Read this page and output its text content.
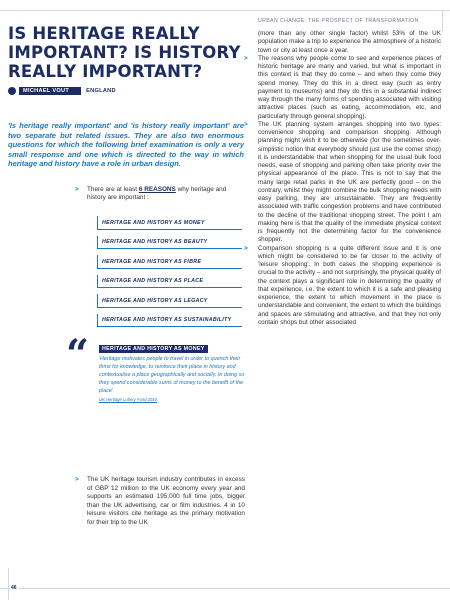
URBAN CHANGE: THE PROSPECT OF TRANSFORMATION
IS HERITAGE REALLY IMPORTANT? IS HISTORY REALLY IMPORTANT?
MICHAEL VOUT	ENGLAND

'Is heritage really important' and 'is history really important' are two separate but related issues. They are also two enormous questions for which the following brief examination is only a very small response and one which is directed to the way in which heritage and history have a role in urban design.

> There are at least 6 REASONS why heritage and history are important :

HERITAGE AND HISTORY AS MONEY
HERITAGE AND HISTORY AS BEAUTY
HERITAGE AND HISTORY AS FIBRE
HERITAGE AND HISTORY AS PLACE
HERITAGE AND HISTORY AS LEGACY
HERITAGE AND HISTORY AS SUSTAINABILITY
“	HERITAGE AND HISTORY AS MONEY

'Heritage motivates people to travel in order to quench their thirst for knowledge, to reinforce their place in history and contextualise a place geographically and socially. In doing so they spend considerable sums of money to the benefit of the place'

UK Heritage Lottery Fund 2010

> The UK heritage tourism industry contributes in excess of GBP 12 million to the UK economy every year and supports an estimated 195,000 full time jobs, bigger than the UK advertising, car or film industries. 4 in 10 leisure visitors cite heritage as the primary motivation for their trip to the UK

(more than any other single factor) whilst 53% of the UK population make a trip to experience the atmosphere of a historic town or city at least once a year.

> The reasons why people come to see and experience places of historic heritage are many and varied, but what is important in this context is that they do come – and when they come they spend money. They do this in a direct way (such as entry payment to museums) and they do this in a substantial indirect way through the many forms of spending associated with visiting attractive places (such as eating, accommodation, etc, and particularly through general shopping).

> The UK planning system arranges shopping into two types: convenience shopping and comparison shopping. Although planning might wish it to be otherwise (for the sometimes over-simplistic notion that everybody should just use the corner shop) it is understandable that when shopping for the usual bulk food needs, ease of shopping and parking often take priority over the physical appearance of the place. This is not to say that the many large retail parks in the UK are perfectly good – on the contrary, whilst they might combine the bulk shopping needs with easy parking, they are unsustainable. They are frequently associated with traffic congestion problems and have contributed to the decline of the traditional shopping street. The point I am making here is that the quality of the immediate physical context is frequently not the determining factor for the convenience shopper.

> Comparison shopping is a quite different issue and it is one which might be considered to be far closer to the activity of 'leisure shopping'. In both cases the shopping experience is crucial to the activity – and not surprisingly, the physical quality of the context plays a significant role in determining the quality of that experience, i.e. the extent to which it is a safe and pleasing experience, the extent to which movement in the place is understandable and convenient, the extent to which the buildings and spaces are stimulating and attractive, and that they not only contain shops but other associated

46
